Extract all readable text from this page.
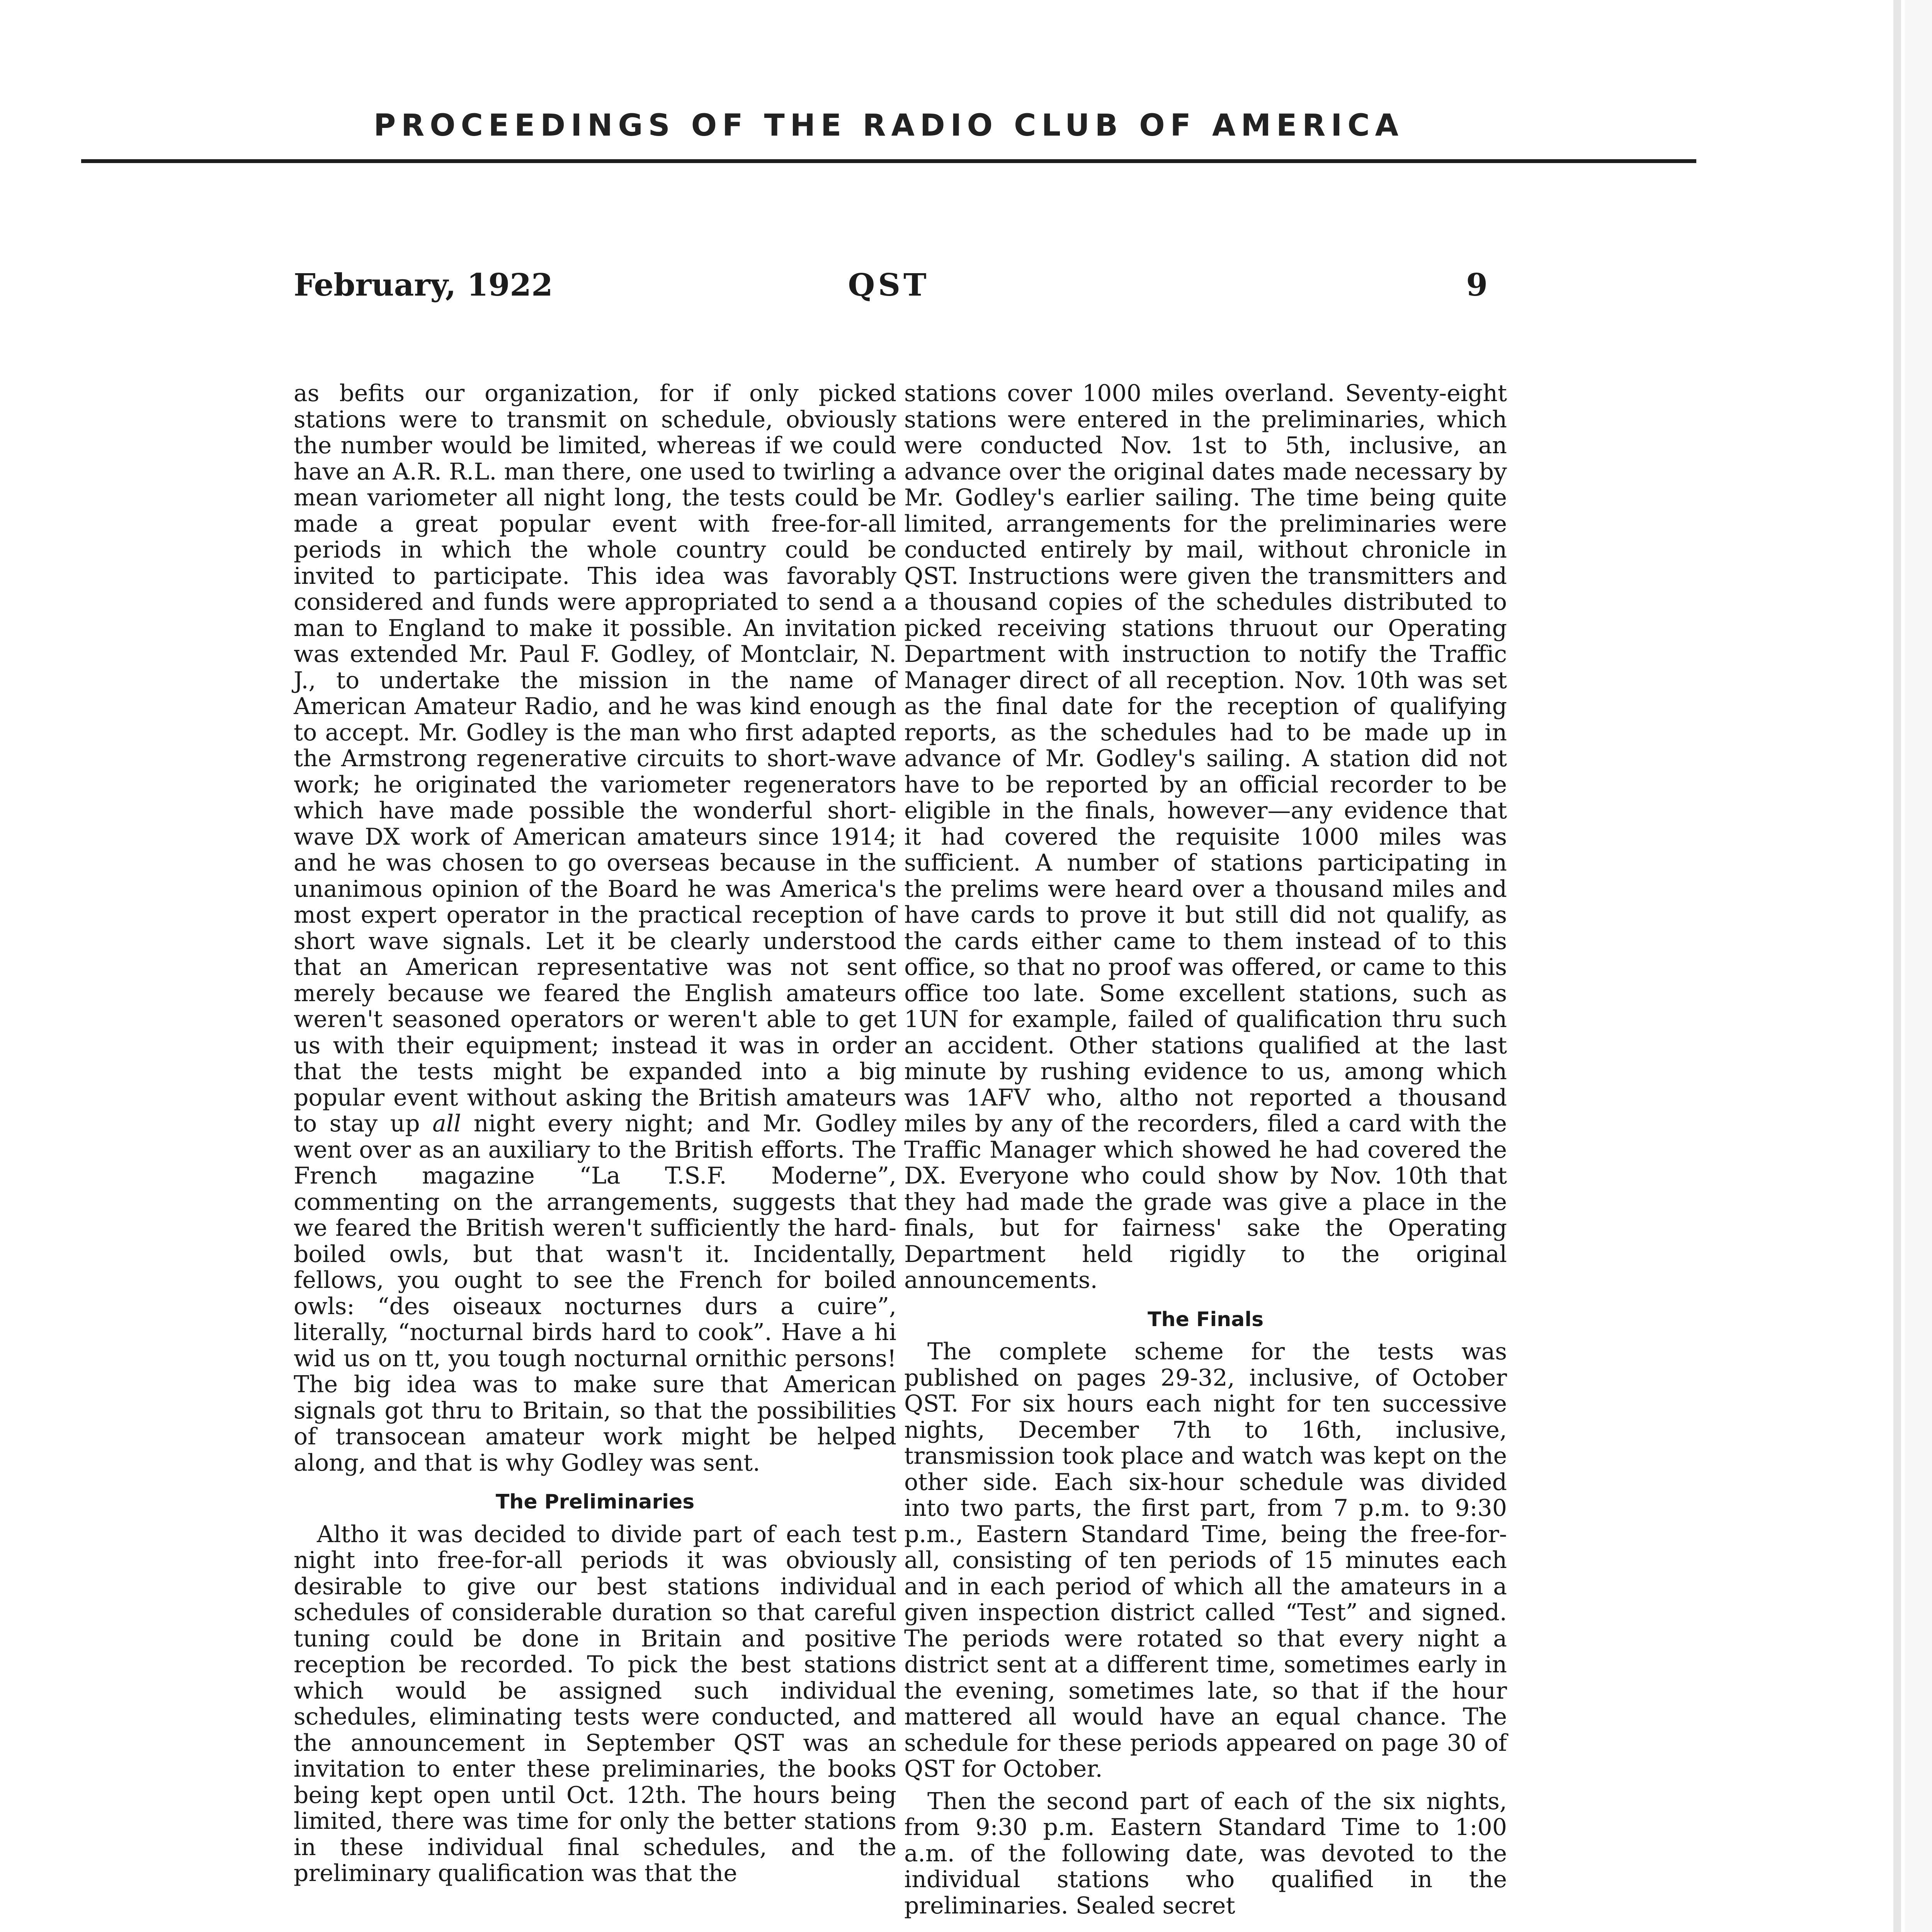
PROCEEDINGS OF THE RADIO CLUB OF AMERICA
February, 1922	QST	9

as befits our organization, for if only picked stations were to transmit on schedule, obviously the number would be limited, whereas if we could have an A.R. R.L. man there, one used to twirling a mean variometer all night long, the tests could be made a great popular event with free-for-all periods in which the whole country could be invited to participate. This idea was favorably considered and funds were appropriated to send a man to England to make it possible. An invitation was extended Mr. Paul F. Godley, of Montclair, N. J., to undertake the mission in the name of American Amateur Radio, and he was kind enough to accept. Mr. Godley is the man who first adapted the Armstrong regenerative circuits to short-wave work; he originated the variometer regenerators which have made possible the wonderful short-wave DX work of American amateurs since 1914; and he was chosen to go overseas because in the unanimous opinion of the Board he was America's most expert operator in the practical reception of short wave signals. Let it be clearly understood that an American representative was not sent merely because we feared the English amateurs weren't seasoned operators or weren't able to get us with their equipment; instead it was in order that the tests might be expanded into a big popular event without asking the British amateurs to stay up all night every night; and Mr. Godley went over as an auxiliary to the British efforts. The French magazine “La T.S.F. Moderne”, commenting on the arrangements, suggests that we feared the British weren't sufficiently the hard-boiled owls, but that wasn't it. Incidentally, fellows, you ought to see the French for boiled owls: “des oiseaux nocturnes durs a cuire”, literally, “nocturnal birds hard to cook”. Have a hi wid us on tt, you tough nocturnal ornithic persons! The big idea was to make sure that American signals got thru to Britain, so that the possibilities of transocean amateur work might be helped along, and that is why Godley was sent.

The Preliminaries

Altho it was decided to divide part of each test night into free-for-all periods it was obviously desirable to give our best stations individual schedules of considerable duration so that careful tuning could be done in Britain and positive reception be recorded. To pick the best stations which would be assigned such individual schedules, eliminating tests were conducted, and the announcement in September QST was an invitation to enter these preliminaries, the books being kept open until Oct. 12th. The hours being limited, there was time for only the better stations in these individual final schedules, and the preliminary qualification was that the

stations cover 1000 miles overland. Seventy-eight stations were entered in the preliminaries, which were conducted Nov. 1st to 5th, inclusive, an advance over the original dates made necessary by Mr. Godley's earlier sailing. The time being quite limited, arrangements for the preliminaries were conducted entirely by mail, without chronicle in QST. Instructions were given the transmitters and a thousand copies of the schedules distributed to picked receiving stations thruout our Operating Department with instruction to notify the Traffic Manager direct of all reception. Nov. 10th was set as the final date for the reception of qualifying reports, as the schedules had to be made up in advance of Mr. Godley's sailing. A station did not have to be reported by an official recorder to be eligible in the finals, however—any evidence that it had covered the requisite 1000 miles was sufficient. A number of stations participating in the prelims were heard over a thousand miles and have cards to prove it but still did not qualify, as the cards either came to them instead of to this office, so that no proof was offered, or came to this office too late. Some excellent stations, such as 1UN for example, failed of qualification thru such an accident. Other stations qualified at the last minute by rushing evidence to us, among which was 1AFV who, altho not reported a thousand miles by any of the recorders, filed a card with the Traffic Manager which showed he had covered the DX. Everyone who could show by Nov. 10th that they had made the grade was give a place in the finals, but for fairness' sake the Operating Department held rigidly to the original announcements.

The Finals

The complete scheme for the tests was published on pages 29-32, inclusive, of October QST. For six hours each night for ten successive nights, December 7th to 16th, inclusive, transmission took place and watch was kept on the other side. Each six-hour schedule was divided into two parts, the first part, from 7 p.m. to 9:30 p.m., Eastern Standard Time, being the free-for-all, consisting of ten periods of 15 minutes each and in each period of which all the amateurs in a given inspection district called “Test” and signed. The periods were rotated so that every night a district sent at a different time, sometimes early in the evening, sometimes late, so that if the hour mattered all would have an equal chance. The schedule for these periods appeared on page 30 of QST for October.

Then the second part of each of the six nights, from 9:30 p.m. Eastern Standard Time to 1:00 a.m. of the following date, was devoted to the individual stations who qualified in the preliminaries. Sealed secret
